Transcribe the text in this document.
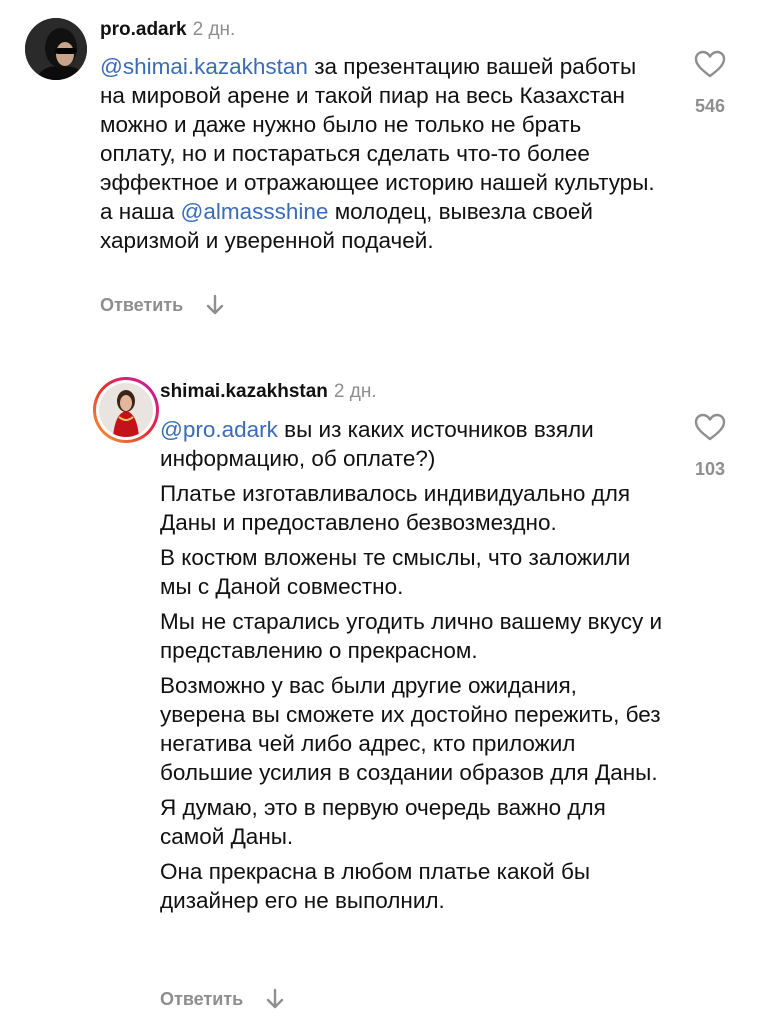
pro.adark 2 дн.

@shimai.kazakhstan за презентацию вашей работы на мировой арене и такой пиар на весь Казахстан можно и даже нужно было не только не брать оплату, но и постараться сделать что-то более эффектное и отражающее историю нашей культуры. а наша @almassshine молодец, вывезла своей харизмой и уверенной подачей.

Ответить
546
shimai.kazakhstan 2 дн.

@pro.adark вы из каких источников взяли информацию, об оплате?)

Платье изготавливалось индивидуально для Даны и предоставлено безвозмездно.

В костюм вложены те смыслы, что заложили мы с Даной совместно.

Мы не старались угодить лично вашему вкусу и представлению о прекрасном.

Возможно у вас были другие ожидания, уверена вы сможете их достойно пережить, без негатива чей либо адрес, кто приложил большие усилия в создании образов для Даны.

Я думаю, это в первую очередь важно для самой Даны.

Она прекрасна в любом платье какой бы дизайнер его не выполнил.

Ответить
103
